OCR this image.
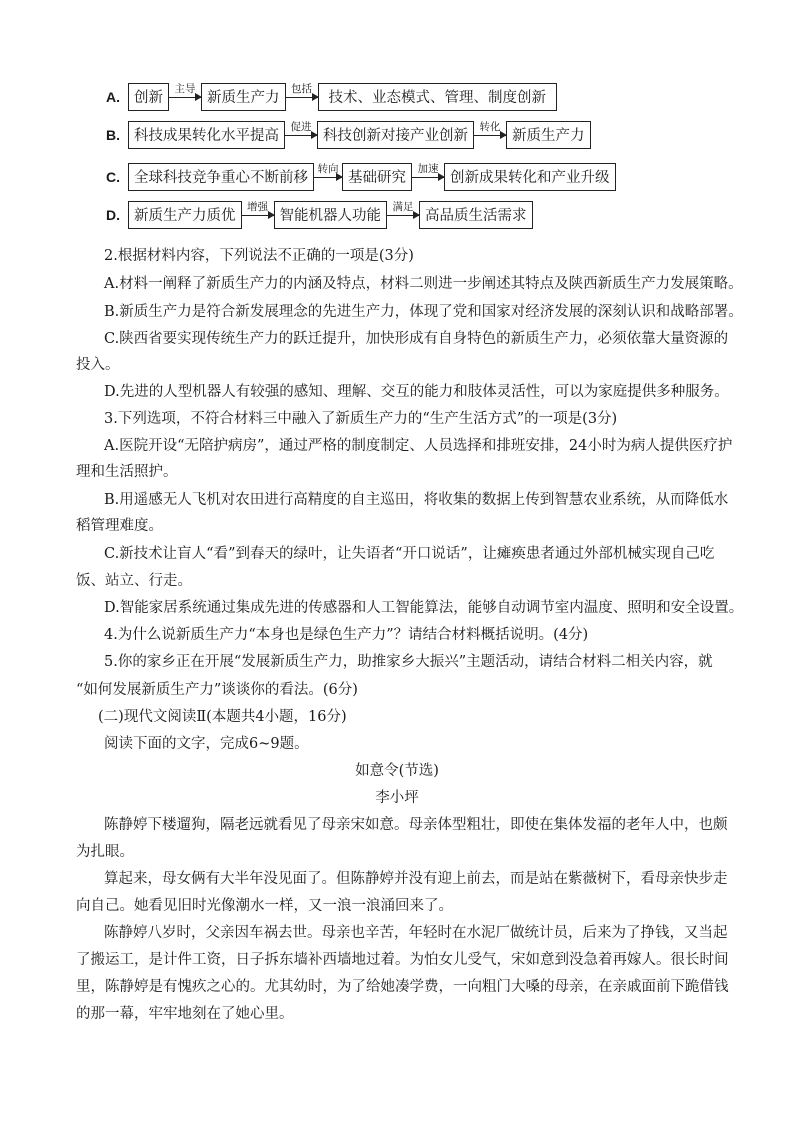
A. 创新
主导
新质生产力
包括
技术、业态模式、管理、制度创新
B. 科技成果转化水平提高
促进
科技创新对接产业创新
转化
新质生产力
C. 全球科技竞争重心不断前移
转向
基础研究
加速
创新成果转化和产业升级
D. 新质生产力质优
增强
智能机器人功能
满足
高品质生活需求
2.根据材料内容，下列说法不正确的一项是(3分)
A.材料一阐释了新质生产力的内涵及特点，材料二则进一步阐述其特点及陕西新质生产力发展策略。
B.新质生产力是符合新发展理念的先进生产力，体现了党和国家对经济发展的深刻认识和战略部署。
C.陕西省要实现传统生产力的跃迁提升，加快形成有自身特色的新质生产力，必须依靠大量资源的
投入。
D.先进的人型机器人有较强的感知、理解、交互的能力和肢体灵活性，可以为家庭提供多种服务。
3.下列选项，不符合材料三中融入了新质生产力的“生产生活方式”的一项是(3分)
A.医院开设“无陪护病房”，通过严格的制度制定、人员选择和排班安排，24小时为病人提供医疗护
理和生活照护。
B.用遥感无人飞机对农田进行高精度的自主巡田，将收集的数据上传到智慧农业系统，从而降低水
稻管理难度。
C.新技术让盲人“看”到春天的绿叶，让失语者“开口说话”，让瘫痪患者通过外部机械实现自己吃
饭、站立、行走。
D.智能家居系统通过集成先进的传感器和人工智能算法，能够自动调节室内温度、照明和安全设置。
4.为什么说新质生产力“本身也是绿色生产力”？请结合材料概括说明。(4分)
5.你的家乡正在开展“发展新质生产力，助推家乡大振兴”主题活动，请结合材料二相关内容，就
“如何发展新质生产力”谈谈你的看法。(6分)
(二)现代文阅读Ⅱ(本题共4小题，16分)
阅读下面的文字，完成6~9题。
如意令(节选)
李小坪
陈静婷下楼遛狗，隔老远就看见了母亲宋如意。母亲体型粗壮，即使在集体发福的老年人中，也颇
为扎眼。
算起来，母女俩有大半年没见面了。但陈静婷并没有迎上前去，而是站在紫薇树下，看母亲快步走
向自己。她看见旧时光像潮水一样，又一浪一浪涌回来了。
陈静婷八岁时，父亲因车祸去世。母亲也辛苦，年轻时在水泥厂做统计员，后来为了挣钱，又当起
了搬运工，是计件工资，日子拆东墙补西墙地过着。为怕女儿受气，宋如意到没急着再嫁人。很长时间
里，陈静婷是有愧疚之心的。尤其幼时，为了给她凑学费，一向粗门大嗓的母亲，在亲戚面前下跪借钱
的那一幕，牢牢地刻在了她心里。
